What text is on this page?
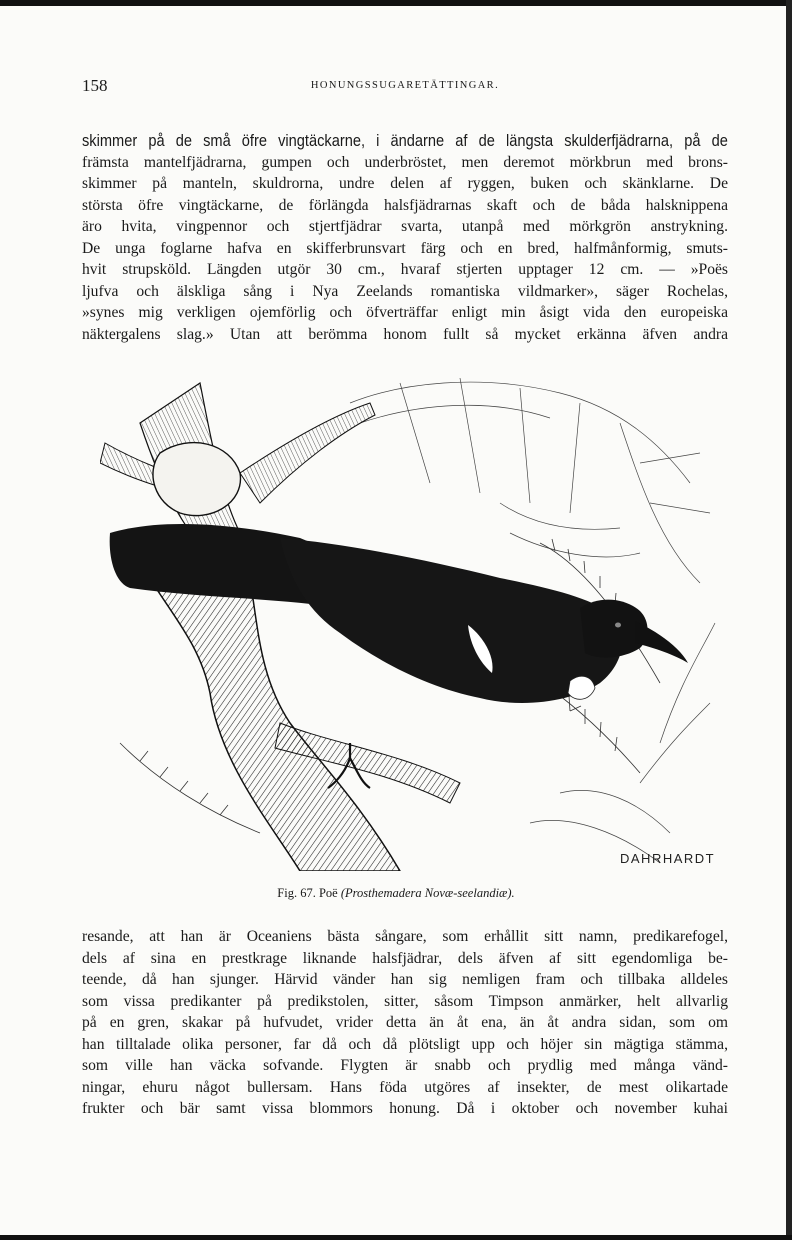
158	HONUNGSSUGARETÄTTINGAR.
skimmer på de små öfre vingtäckarne, i ändarne af de längsta skulderfjädrarna, på de
främsta mantelfjädrarna, gumpen och underbröstet, men deremot mörkbrun med brons-
skimmer på manteln, skuldrorna, undre delen af ryggen, buken och skänklarne. De
största öfre vingtäckarne, de förlängda halsfjädrarnas skaft och de båda halsknippena
äro hvita, vingpennor och stjertfjädrar svarta, utanpå med mörkgrön anstrykning.
De unga foglarne hafva en skifferbrunsvart färg och en bred, halfmånformig, smuts-
hvit strupsköld. Längden utgör 30 cm., hvaraf stjerten upptager 12 cm. — »Poës
ljufva och älskliga sång i Nya Zeelands romantiska vildmarker», säger Rochelas,
»synes mig verkligen ojemförlig och öfverträffar enligt min åsigt vida den europeiska
näktergalens slag.» Utan att berömma honom fullt så mycket erkänna äfven andra
DAHRHARDT
Fig. 67. Poë (Prosthemadera Novæ-seelandiæ).
resande, att han är Oceaniens bästa sångare, som erhållit sitt namn, predikarefogel,
dels af sina en prestkrage liknande halsfjädrar, dels äfven af sitt egendomliga be-
teende, då han sjunger. Härvid vänder han sig nemligen fram och tillbaka alldeles
som vissa predikanter på predikstolen, sitter, såsom Timpson anmärker, helt allvarlig
på en gren, skakar på hufvudet, vrider detta än åt ena, än åt andra sidan, som om
han tilltalade olika personer, far då och då plötsligt upp och höjer sin mägtiga stämma,
som ville han väcka sofvande. Flygten är snabb och prydlig med många vänd-
ningar, ehuru något bullersam. Hans föda utgöres af insekter, de mest olikartade
frukter och bär samt vissa blommors honung. Då i oktober och november kuhai
